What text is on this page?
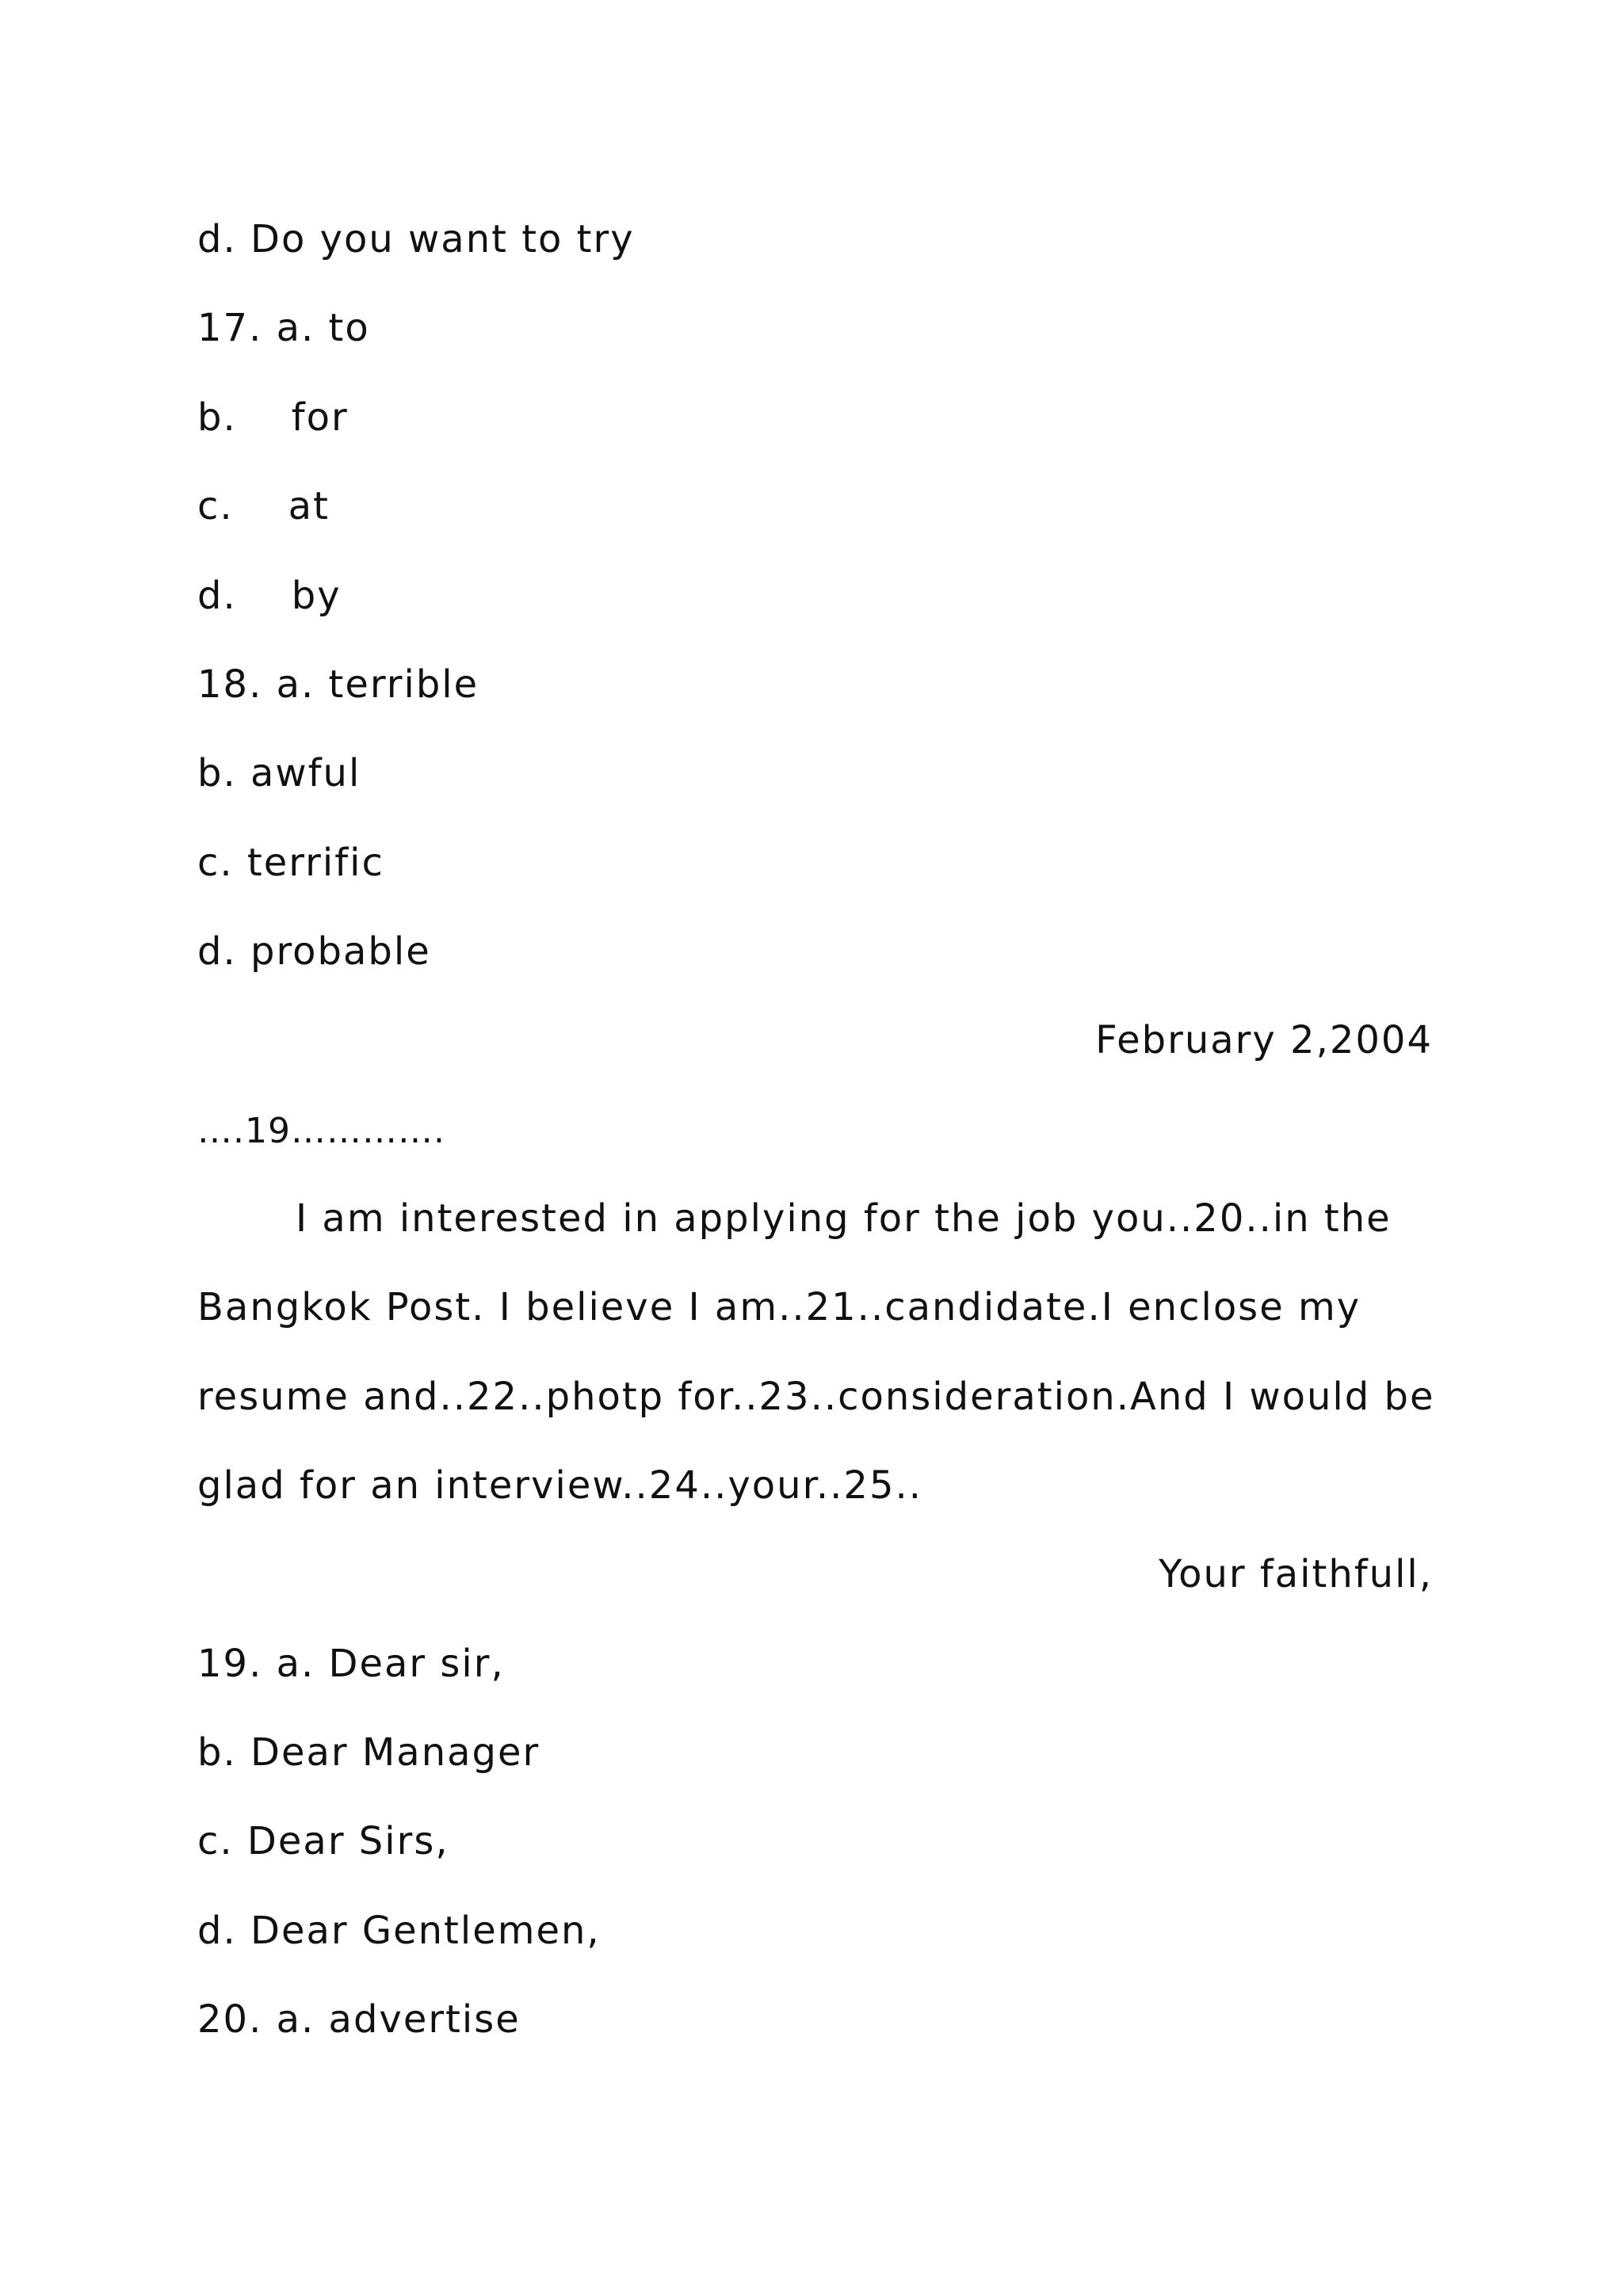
d. Do you want to try
17. a. to
b.    for
c.    at
d.    by
18. a. terrible
b. awful
c. terrific
d. probable
February 2,2004
….19………….
I am interested in applying for the job you..20..in the
Bangkok Post. I believe I am..21..candidate.I enclose my
resume and..22..photp for..23..consideration.And I would be
glad for an interview..24..your..25..
Your faithfull,
19. a. Dear sir,
b. Dear Manager
c. Dear Sirs,
d. Dear Gentlemen,
20. a. advertise
